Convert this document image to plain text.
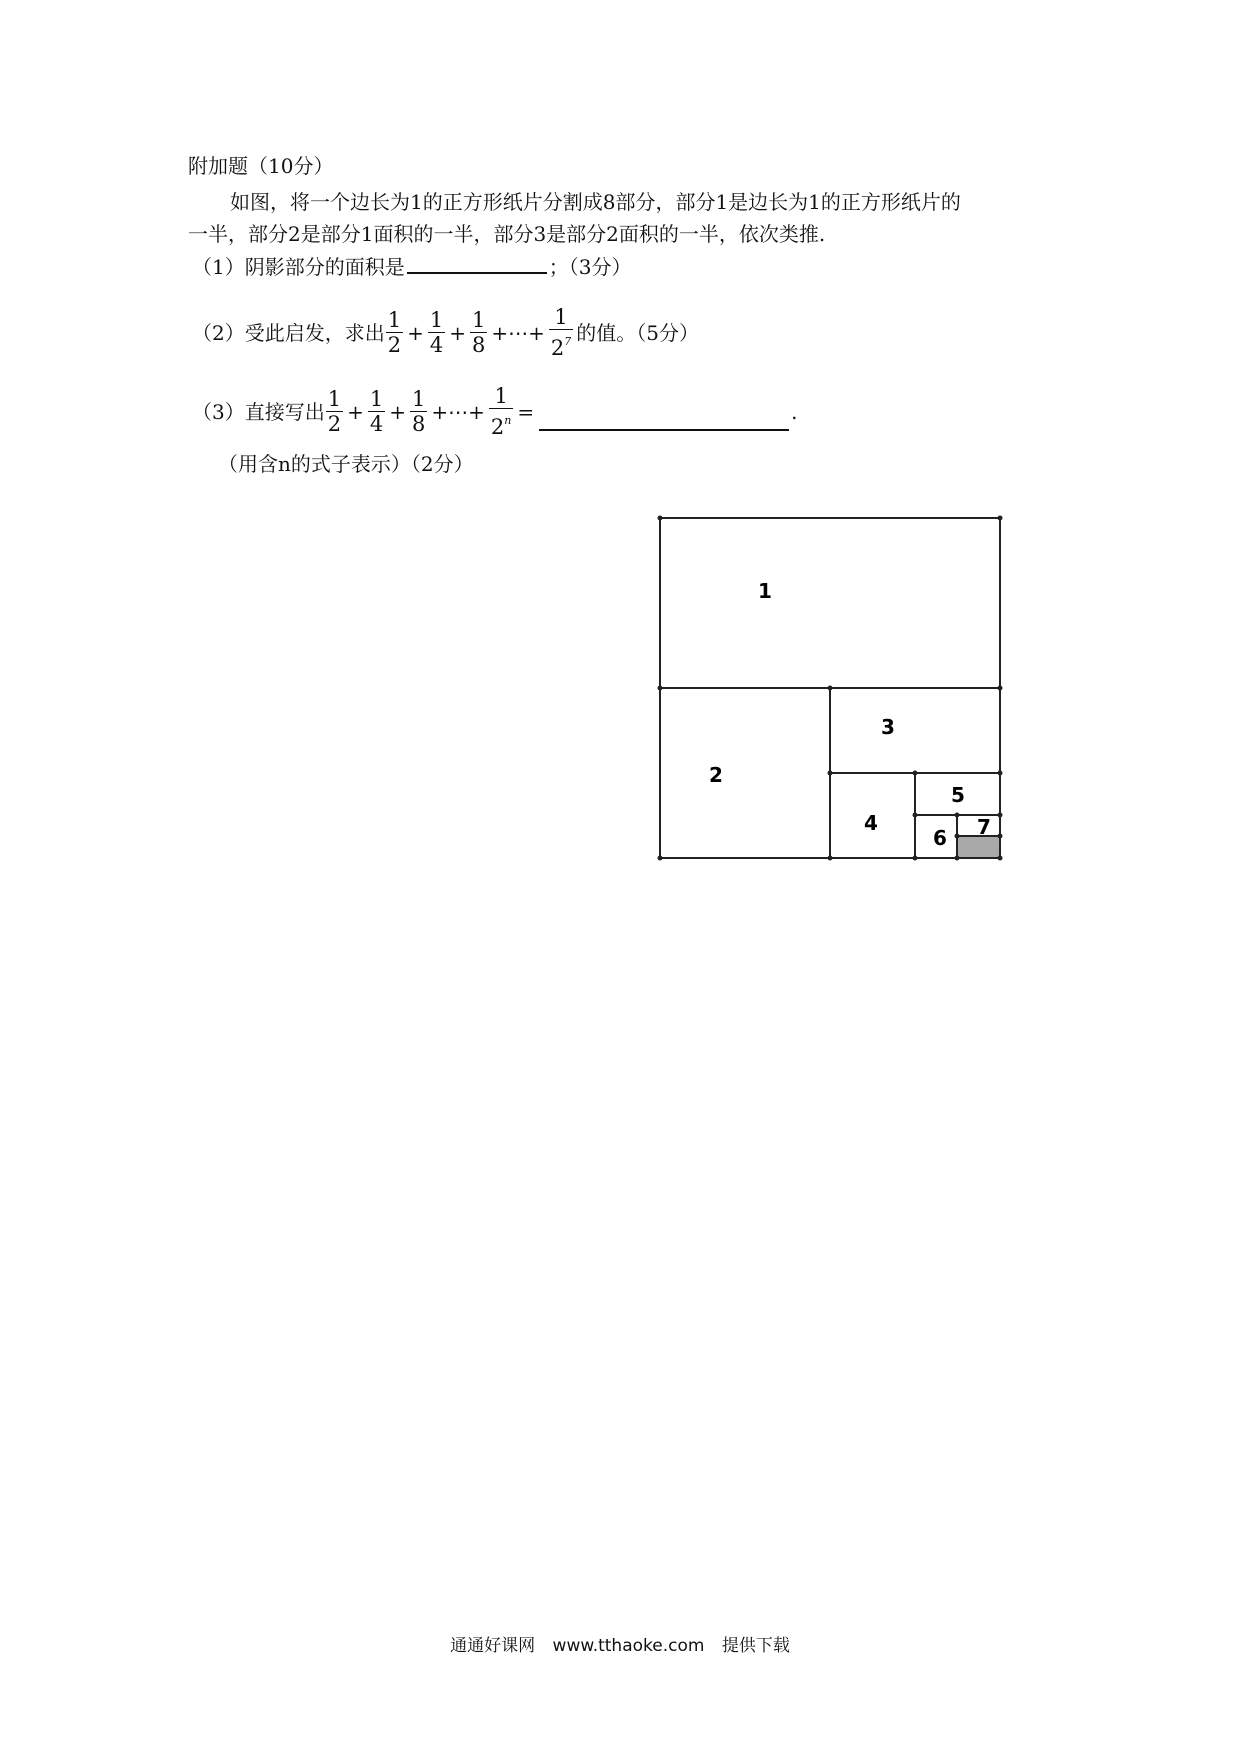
附加题（10分）
如图，将一个边长为1的正方形纸片分割成8部分，部分1是边长为1的正方形纸片的
一半，部分2是部分1面积的一半，部分3是部分2面积的一半，依次类推.
（1）阴影部分的面积是	；（3分）
（2）受此启发，求出 $\frac{1}{2} + \frac{1}{4} + \frac{1}{8}$ +⋯+ $\frac{1}{2^7}$ 的值。（5分）
（3）直接写出 $\frac{1}{2} + \frac{1}{4} + \frac{1}{8}$ +⋯+ $\frac{1}{2^n}$ =	.
（用含n的式子表示）（2分）
1
2
3
4
5
6 7
通通好课网 www.tthaoke.com 提供下载
